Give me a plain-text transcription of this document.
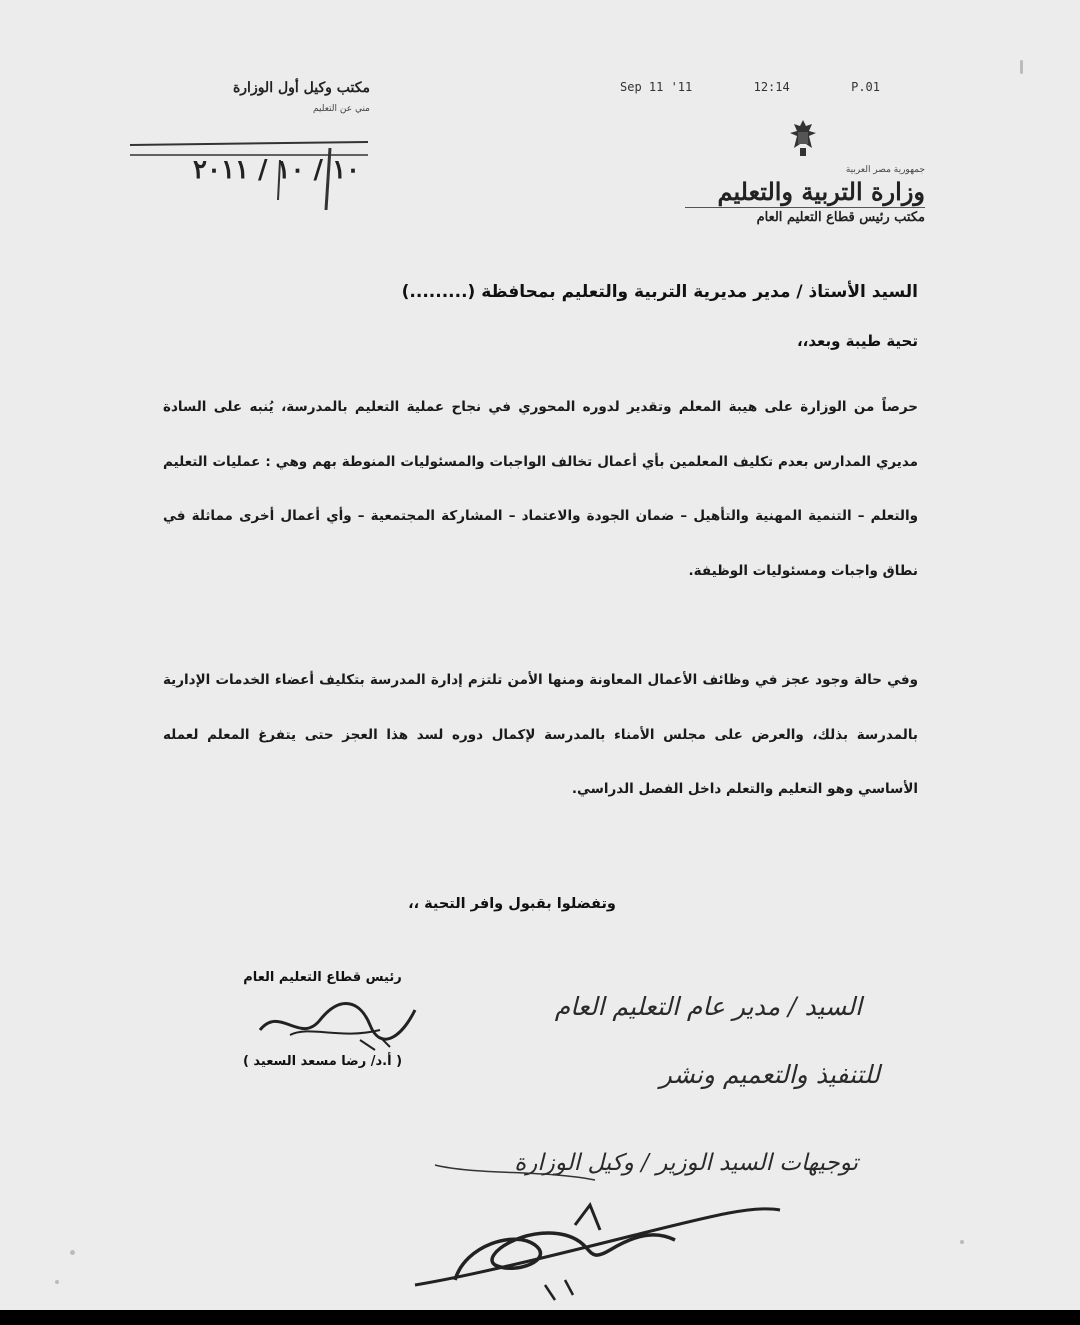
Sep 11 '11	12:14	P.01
جمهورية مصر العربية
وزارة التربية والتعليم
مكتب رئيس قطاع التعليم العام
مكتب وكيل أول الوزارة
مني عن التعليم
١٠ / ١٠ / ٢٠١١
السيد الأستاذ / مدير مديرية التربية والتعليم بمحافظة (.........)
تحية طيبة وبعد،،
حرصاً من الوزارة على هيبة المعلم وتقدير لدوره المحوري في نجاح عملية التعليم بالمدرسة، يُنبه على السادة مديري المدارس بعدم تكليف المعلمين بأي أعمال تخالف الواجبات والمسئوليات المنوطة بهم وهي : عمليات التعليم والتعلم – التنمية المهنية والتأهيل – ضمان الجودة والاعتماد – المشاركة المجتمعية – وأي أعمال أخرى مماثلة في نطاق واجبات ومسئوليات الوظيفة.
وفي حالة وجود عجز في وظائف الأعمال المعاونة ومنها الأمن تلتزم إدارة المدرسة بتكليف أعضاء الخدمات الإدارية بالمدرسة بذلك، والعرض على مجلس الأمناء بالمدرسة لإكمال دوره لسد هذا العجز حتى يتفرغ المعلم لعمله الأساسي وهو التعليم والتعلم داخل الفصل الدراسي.
وتفضلوا بقبول وافر التحية ،،
رئيس قطاع التعليم العام
( أ.د/ رضا مسعد السعيد )
السيد / مدير عام التعليم العام
للتنفيذ والتعميم ونشر
توجيهات السيد الوزير / وكيل الوزارة
